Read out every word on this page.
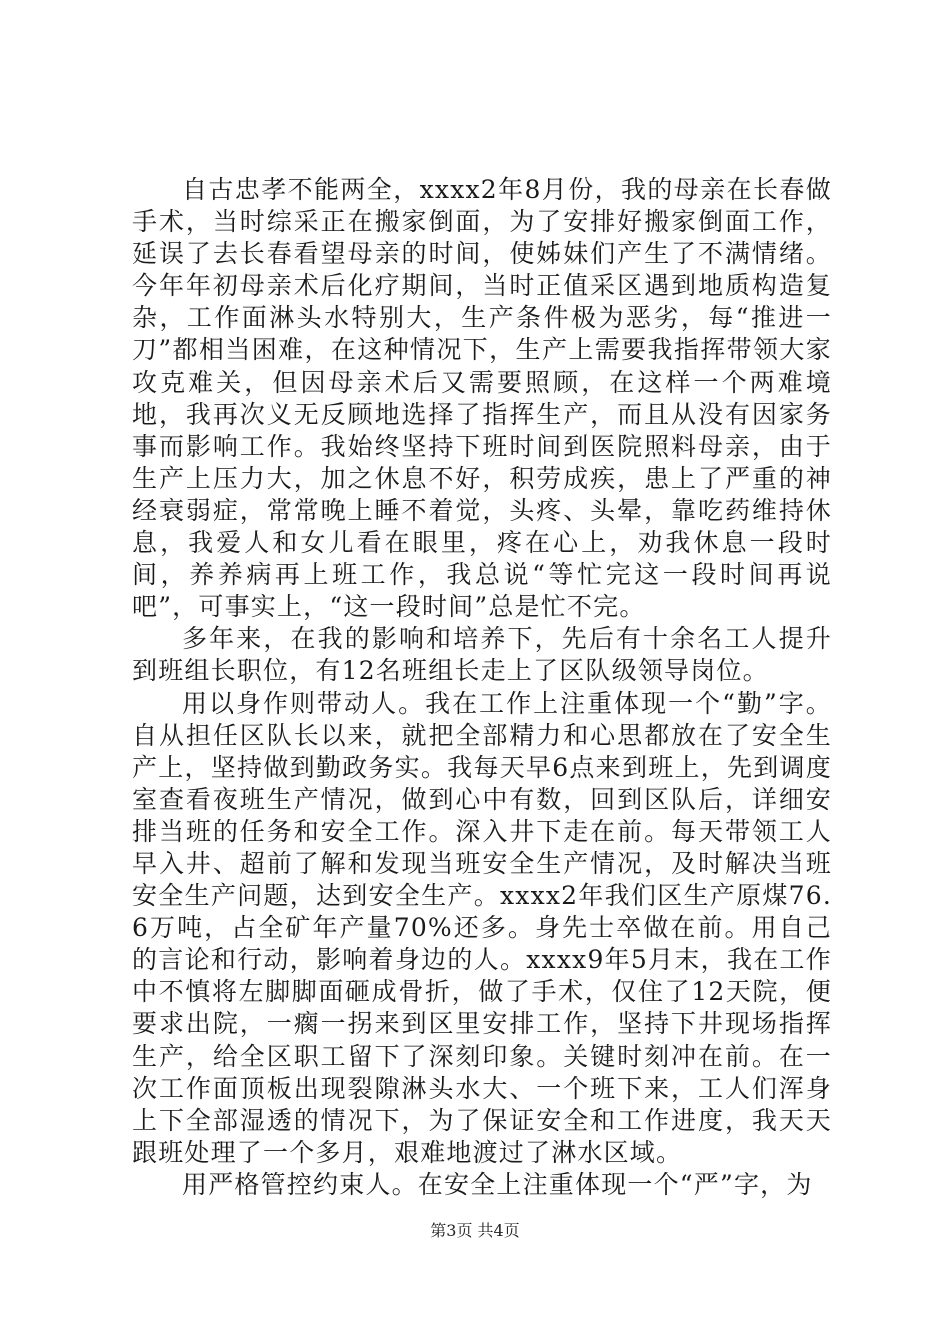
自古忠孝不能两全，xxxx2年8月份，我的母亲在长春做手术，当时综采正在搬家倒面，为了安排好搬家倒面工作，延误了去长春看望母亲的时间，使姊妹们产生了不满情绪。今年年初母亲术后化疗期间，当时正值采区遇到地质构造复杂，工作面淋头水特别大，生产条件极为恶劣，每“推进一刀”都相当困难，在这种情况下，生产上需要我指挥带领大家攻克难关，但因母亲术后又需要照顾，在这样一个两难境地，我再次义无反顾地选择了指挥生产，而且从没有因家务事而影响工作。我始终坚持下班时间到医院照料母亲，由于生产上压力大，加之休息不好，积劳成疾，患上了严重的神经衰弱症，常常晚上睡不着觉，头疼、头晕，靠吃药维持休息，我爱人和女儿看在眼里，疼在心上，劝我休息一段时间，养养病再上班工作，我总说“等忙完这一段时间再说吧”，可事实上，“这一段时间”总是忙不完。

多年来，在我的影响和培养下，先后有十余名工人提升到班组长职位，有12名班组长走上了区队级领导岗位。

用以身作则带动人。我在工作上注重体现一个“勤”字。自从担任区队长以来，就把全部精力和心思都放在了安全生产上，坚持做到勤政务实。我每天早6点来到班上，先到调度室查看夜班生产情况，做到心中有数，回到区队后，详细安排当班的任务和安全工作。深入井下走在前。每天带领工人早入井、超前了解和发现当班安全生产情况，及时解决当班安全生产问题，达到安全生产。xxxx2年我们区生产原煤76.6万吨，占全矿年产量70%还多。身先士卒做在前。用自己的言论和行动，影响着身边的人。xxxx9年5月末，我在工作中不慎将左脚脚面砸成骨折，做了手术，仅住了12天院，便要求出院，一瘸一拐来到区里安排工作，坚持下井现场指挥生产，给全区职工留下了深刻印象。关键时刻冲在前。在一次工作面顶板出现裂隙淋头水大、一个班下来，工人们浑身上下全部湿透的情况下，为了保证安全和工作进度，我天天跟班处理了一个多月，艰难地渡过了淋水区域。

用严格管控约束人。在安全上注重体现一个“严”字，为

第3页 共4页
